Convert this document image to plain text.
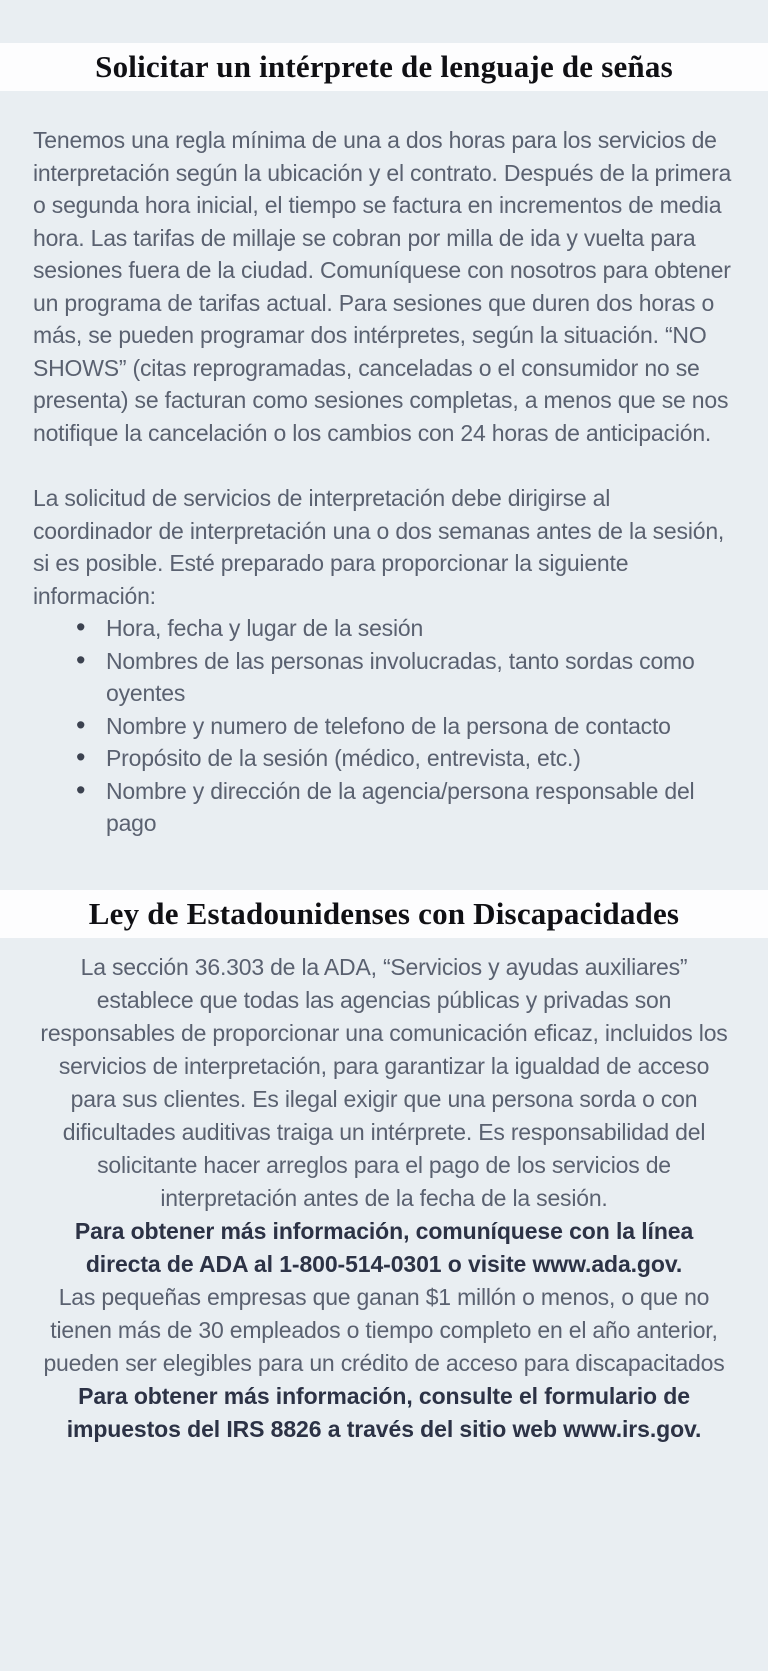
Solicitar un intérprete de lenguaje de señas

Tenemos una regla mínima de una a dos horas para los servicios de interpretación según la ubicación y el contrato. Después de la primera o segunda hora inicial, el tiempo se factura en incrementos de media hora. Las tarifas de millaje se cobran por milla de ida y vuelta para sesiones fuera de la ciudad. Comuníquese con nosotros para obtener un programa de tarifas actual. Para sesiones que duren dos horas o más, se pueden programar dos intérpretes, según la situación. “NO SHOWS” (citas reprogramadas, canceladas o el consumidor no se presenta) se facturan como sesiones completas, a menos que se nos notifique la cancelación o los cambios con 24 horas de anticipación.

La solicitud de servicios de interpretación debe dirigirse al coordinador de interpretación una o dos semanas antes de la sesión, si es posible. Esté preparado para proporcionar la siguiente información:

• Hora, fecha y lugar de la sesión
• Nombres de las personas involucradas, tanto sordas como oyentes
• Nombre y numero de telefono de la persona de contacto
• Propósito de la sesión (médico, entrevista, etc.)
• Nombre y dirección de la agencia/persona responsable del pago
Ley de Estadounidenses con Discapacidades

La sección 36.303 de la ADA, “Servicios y ayudas auxiliares” establece que todas las agencias públicas y privadas son responsables de proporcionar una comunicación eficaz, incluidos los servicios de interpretación, para garantizar la igualdad de acceso para sus clientes. Es ilegal exigir que una persona sorda o con dificultades auditivas traiga un intérprete. Es responsabilidad del solicitante hacer arreglos para el pago de los servicios de interpretación antes de la fecha de la sesión.

Para obtener más información, comuníquese con la línea directa de ADA al 1-800-514-0301 o visite www.ada.gov.

Las pequeñas empresas que ganan $1 millón o menos, o que no tienen más de 30 empleados o tiempo completo en el año anterior, pueden ser elegibles para un crédito de acceso para discapacitados

Para obtener más información, consulte el formulario de impuestos del IRS 8826 a través del sitio web www.irs.gov.
